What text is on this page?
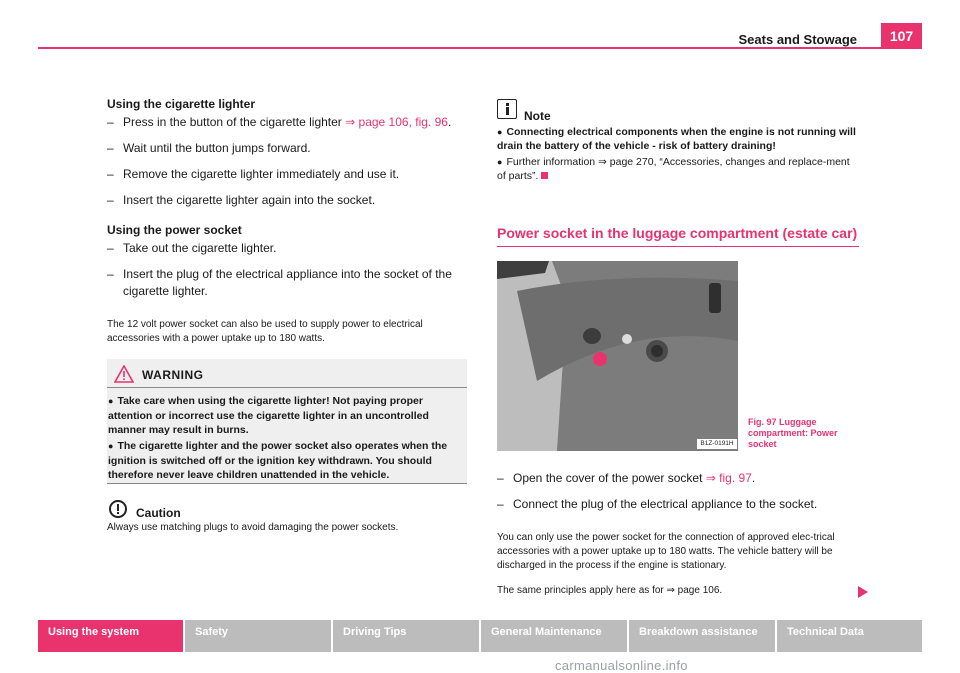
Seats and Stowage	107
Using the cigarette lighter
– Press in the button of the cigarette lighter ⇒ page 106, fig. 96.
– Wait until the button jumps forward.
– Remove the cigarette lighter immediately and use it.
– Insert the cigarette lighter again into the socket.
Using the power socket
– Take out the cigarette lighter.
– Insert the plug of the electrical appliance into the socket of the cigarette lighter.
The 12 volt power socket can also be used to supply power to electrical accessories with a power uptake up to 180 watts.
WARNING
● Take care when using the cigarette lighter! Not paying proper attention or incorrect use the cigarette lighter in an uncontrolled manner may result in burns.
● The cigarette lighter and the power socket also operates when the ignition is switched off or the ignition key withdrawn. You should therefore never leave children unattended in the vehicle.
Caution
Always use matching plugs to avoid damaging the power sockets.
Note
● Connecting electrical components when the engine is not running will drain the battery of the vehicle - risk of battery draining!
● Further information ⇒ page 270, “Accessories, changes and replace-ment of parts”.
Power socket in the luggage compartment (estate car)
B1Z-0191H
Fig. 97 Luggage compartment: Power socket
– Open the cover of the power socket ⇒ fig. 97.
– Connect the plug of the electrical appliance to the socket.
You can only use the power socket for the connection of approved elec-trical accessories with a power uptake up to 180 watts. The vehicle battery will be discharged in the process if the engine is stationary.
The same principles apply here as for ⇒ page 106.
Using the system	Safety	Driving Tips	General Maintenance	Breakdown assistance	Technical Data
carmanualsonline.info
